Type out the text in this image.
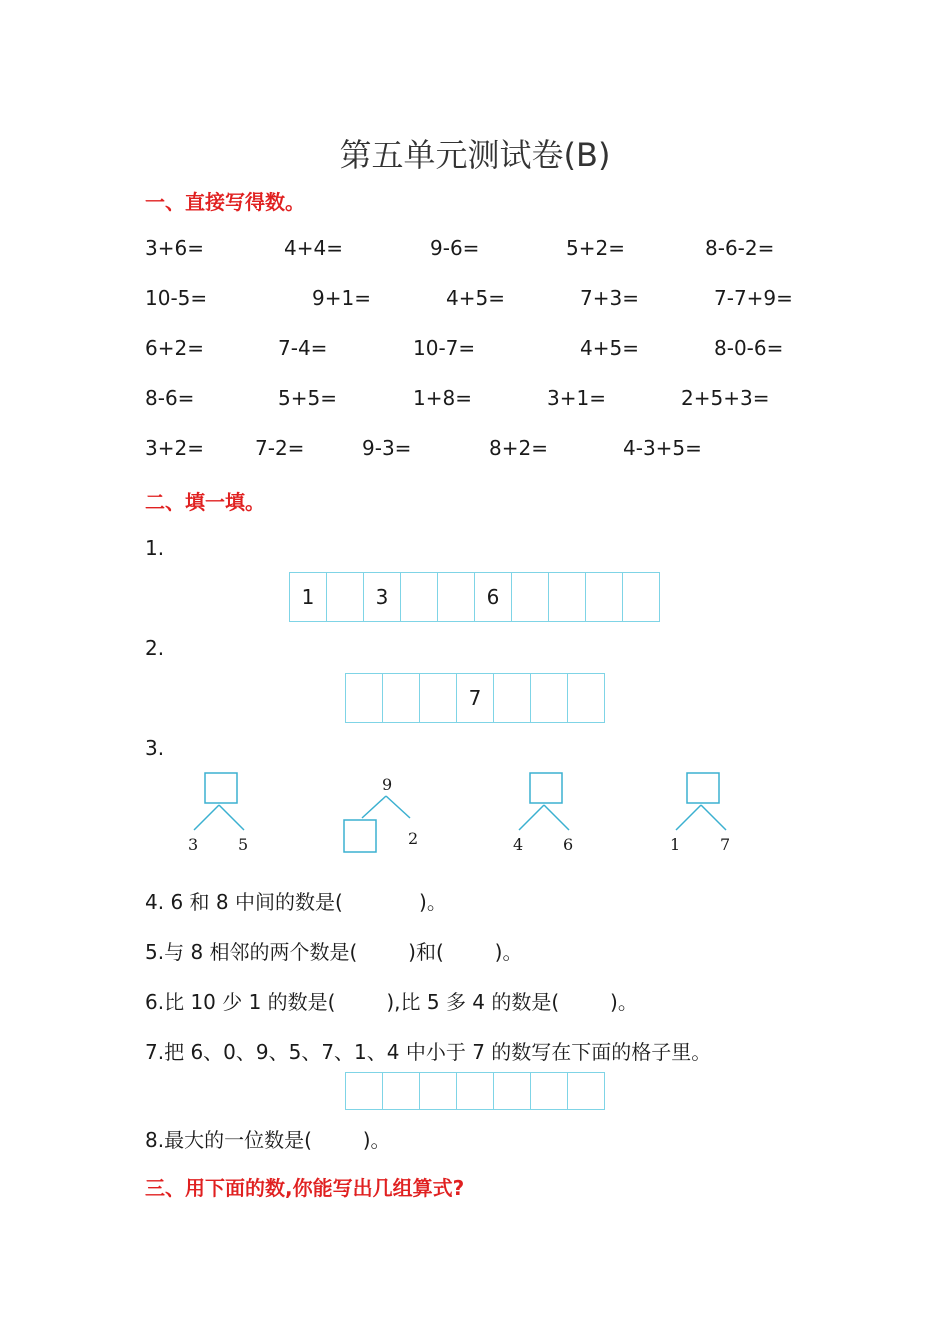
第五单元测试卷(B)
一、直接写得数。
3+6=	4+4=	9-6=	5+2=	8-6-2=
10-5=	9+1=	4+5=	7+3=	7-7+9=
6+2=	7-4=	10-7=	4+5=	8-0-6=
8-6=	5+5=	1+8=	3+1=	2+5+3=
3+2=	7-2=	9-3=	8+2=	4-3+5=
二、填一填。
1.
1	3	6
2.
7
3.
3 5
9
2	4 6	1 7
4. 6 和 8 中间的数是(            )。
5.与 8 相邻的两个数是(        )和(        )。
6.比 10 少 1 的数是(        ),比 5 多 4 的数是(        )。
7.把 6、0、9、5、7、1、4 中小于 7 的数写在下面的格子里。
8.最大的一位数是(        )。
三、用下面的数,你能写出几组算式?
